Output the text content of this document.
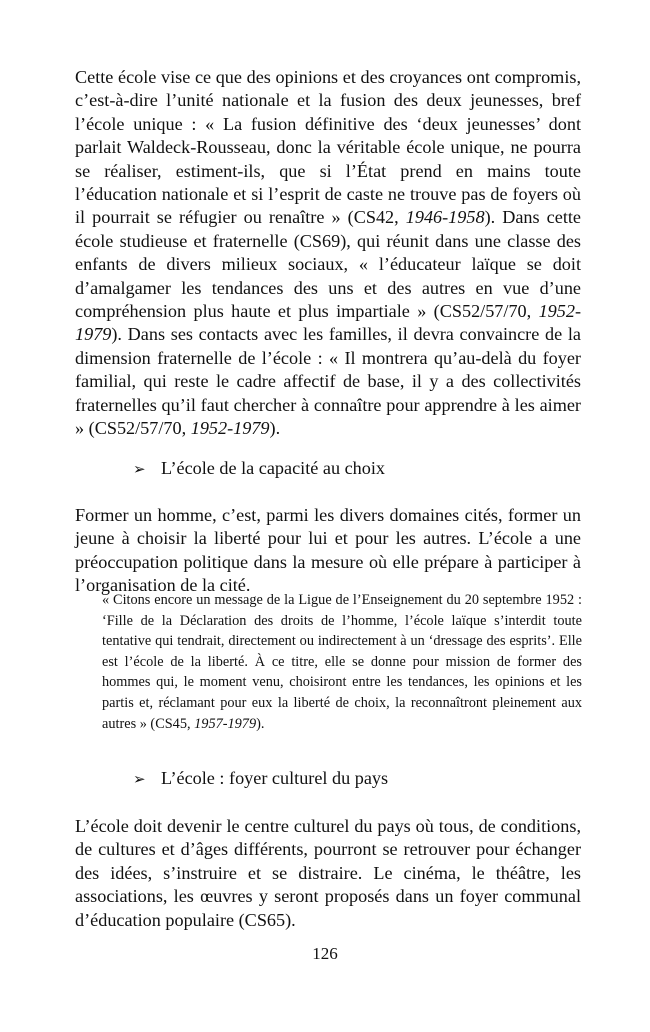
Cette école vise ce que des opinions et des croyances ont compromis, c’est-à-dire l’unité nationale et la fusion des deux jeunesses, bref l’école unique : « La fusion définitive des ‘deux jeunesses’ dont parlait Waldeck-Rousseau, donc la véritable école unique, ne pourra se réaliser, estiment-ils, que si l’État prend en mains toute l’éducation nationale et si l’esprit de caste ne trouve pas de foyers où il pourrait se réfugier ou renaître » (CS42, 1946-1958). Dans cette école studieuse et fraternelle (CS69), qui réunit dans une classe des enfants de divers milieux sociaux, « l’éducateur laïque se doit d’amalgamer les tendances des uns et des autres en vue d’une compréhension plus haute et plus impartiale » (CS52/57/70, 1952-1979). Dans ses contacts avec les familles, il devra convaincre de la dimension fraternelle de l’école : « Il montrera qu’au-delà du foyer familial, qui reste le cadre affectif de base, il y a des collectivités fraternelles qu’il faut chercher à connaître pour apprendre à les aimer » (CS52/57/70, 1952-1979).

➢ L’école de la capacité au choix

Former un homme, c’est, parmi les divers domaines cités, former un jeune à choisir la liberté pour lui et pour les autres. L’école a une préoccupation politique dans la mesure où elle prépare à participer à l’organisation de la cité.

« Citons encore un message de la Ligue de l’Enseignement du 20 septembre 1952 : ‘Fille de la Déclaration des droits de l’homme, l’école laïque s’interdit toute tentative qui tendrait, directement ou indirectement à un ‘dressage des esprits’. Elle est l’école de la liberté. À ce titre, elle se donne pour mission de former des hommes qui, le moment venu, choisiront entre les tendances, les opinions et les partis et, réclamant pour eux la liberté de choix, la reconnaîtront pleinement aux autres » (CS45, 1957-1979).

➢ L’école : foyer culturel du pays

L’école doit devenir le centre culturel du pays où tous, de conditions, de cultures et d’âges différents, pourront se retrouver pour échanger des idées, s’instruire et se distraire. Le cinéma, le théâtre, les associations, les œuvres y seront proposés dans un foyer communal d’éducation populaire (CS65).

126
